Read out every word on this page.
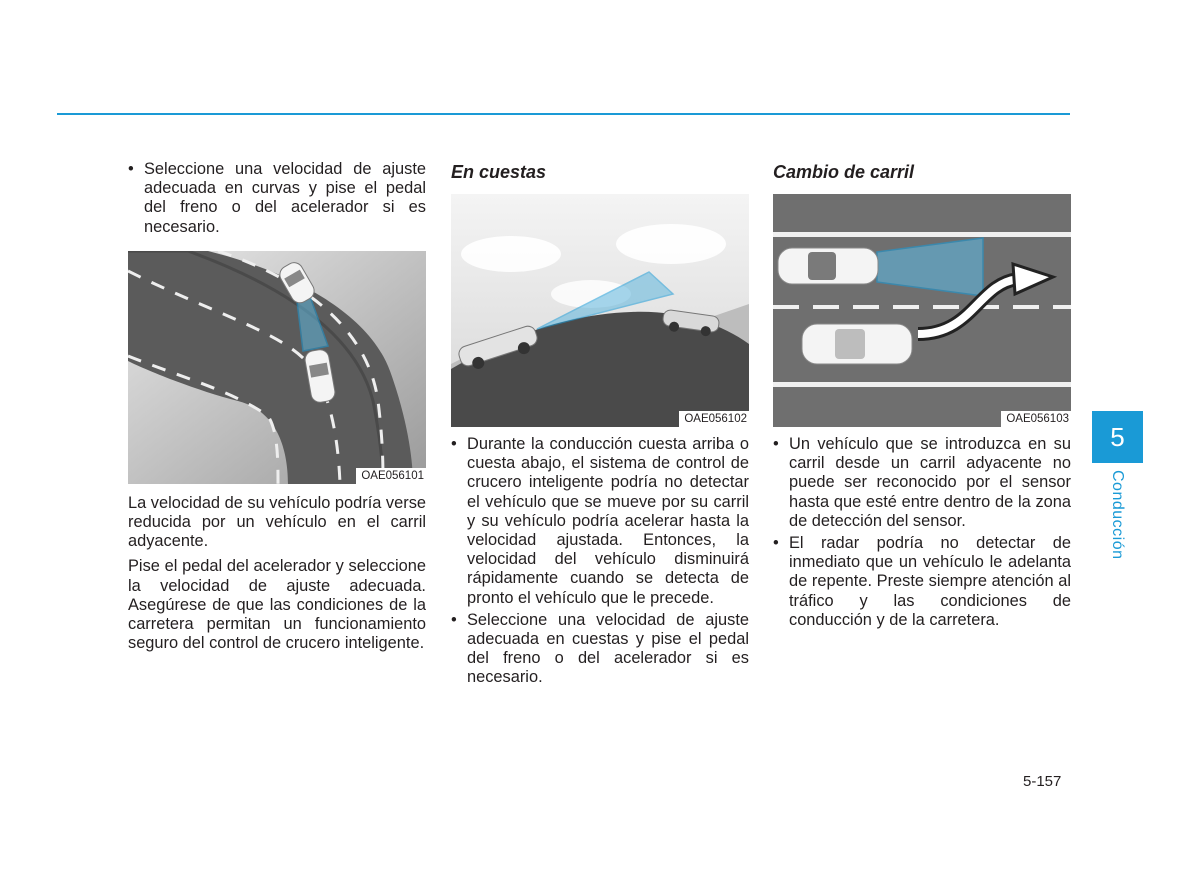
• Seleccione una velocidad de ajuste adecuada en curvas y pise el pedal del freno o del acelerador si es necesario.
OAE056101

La velocidad de su vehículo podría verse reducida por un vehículo en el carril adyacente.

Pise el pedal del acelerador y seleccione la velocidad de ajuste adecuada. Asegúrese de que las condiciones de la carretera permitan un funcionamiento seguro del control de crucero inteligente.

En cuestas
OAE056102
• Durante la conducción cuesta arriba o cuesta abajo, el sistema de control de crucero inteligente podría no detectar el vehículo que se mueve por su carril y su vehículo podría acelerar hasta la velocidad ajustada. Entonces, la velocidad del vehículo disminuirá rápidamente cuando se detecta de pronto el vehículo que le precede.
• Seleccione una velocidad de ajuste adecuada en cuestas y pise el pedal del freno o del acelerador si es necesario.
Cambio de carril
OAE056103
• Un vehículo que se introduzca en su carril desde un carril adyacente no puede ser reconocido por el sensor hasta que esté entre dentro de la zona de detección del sensor.
• El radar podría no detectar de inmediato que un vehículo le adelanta de repente. Preste siempre atención al tráfico y las condiciones de conducción y de la carretera.
5
Conducción
5-157
